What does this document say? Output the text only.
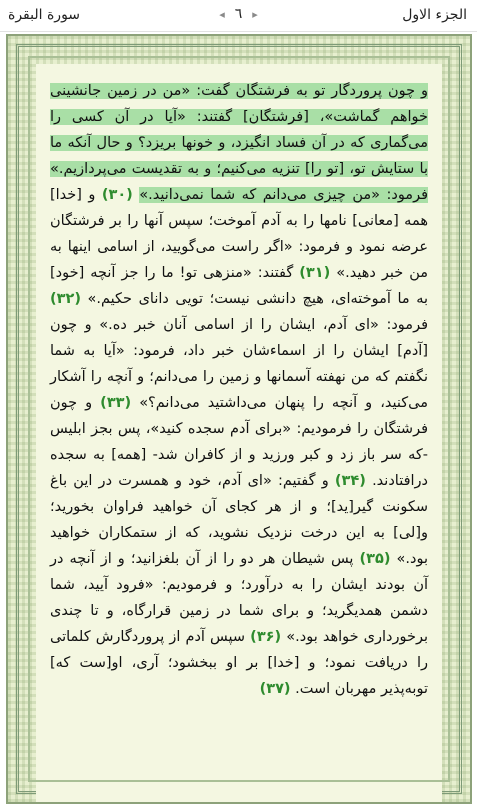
سورة البقرة	◂ ٦ ▸	الجزء الاول

و چون پروردگار تو به فرشتگان گفت: «من در زمین جانشینی خواهم گماشت»، [فرشتگان] گفتند: «آیا در آن کسی را می‌گماری که در آن فساد انگیزد، و خونها بریزد؟ و حال آنکه ما با ستایش تو، [تو را] تنزیه می‌کنیم؛ و به تقدیست می‌پردازیم.» فرمود: «من چیزی می‌دانم که شما نمی‌دانید.» (۳۰) و [خدا] همه [معانی] نامها را به آدم آموخت؛ سپس آنها را بر فرشتگان عرضه نمود و فرمود: «اگر راست می‌گویید، از اسامی اینها به من خبر دهید.» (۳۱) گفتند: «منزهی تو! ما را جز آنچه [خود] به ما آموخته‌ای، هیچ دانشی نیست؛ تویی دانای حکیم.» (۳۲) فرمود: «ای آدم، ایشان را از اسامی آنان خبر ده.» و چون [آدم] ایشان را از اسماءشان خبر داد، فرمود: «آیا به شما نگفتم که من نهفته آسمانها و زمین را می‌دانم؛ و آنچه را آشکار می‌کنید، و آنچه را پنهان می‌داشتید می‌دانم؟» (۳۳) و چون فرشتگان را فرمودیم: «برای آدم سجده کنید»، پس بجز ابلیس -که سر باز زد و کبر ورزید و از کافران شد- [همه] به سجده درافتادند. (۳۴) و گفتیم: «ای آدم، خود و همسرت در این باغ سکونت گیر[ید]؛ و از هر کجای آن خواهید فراوان بخورید؛ و[لی] به این درخت نزدیک نشوید، که از ستمکاران خواهید بود.» (۳۵) پس شیطان هر دو را از آن بلغزانید؛ و از آنچه در آن بودند ایشان را به درآورد؛ و فرمودیم: «فرود آیید، شما دشمن همدیگرید؛ و برای شما در زمین قرارگاه، و تا چندی برخورداری خواهد بود.» (۳۶) سپس آدم از پروردگارش کلماتی را دریافت نمود؛ و [خدا] بر او ببخشود؛ آری، او[ست که] توبه‌پذیر مهربان است. (۳۷)
